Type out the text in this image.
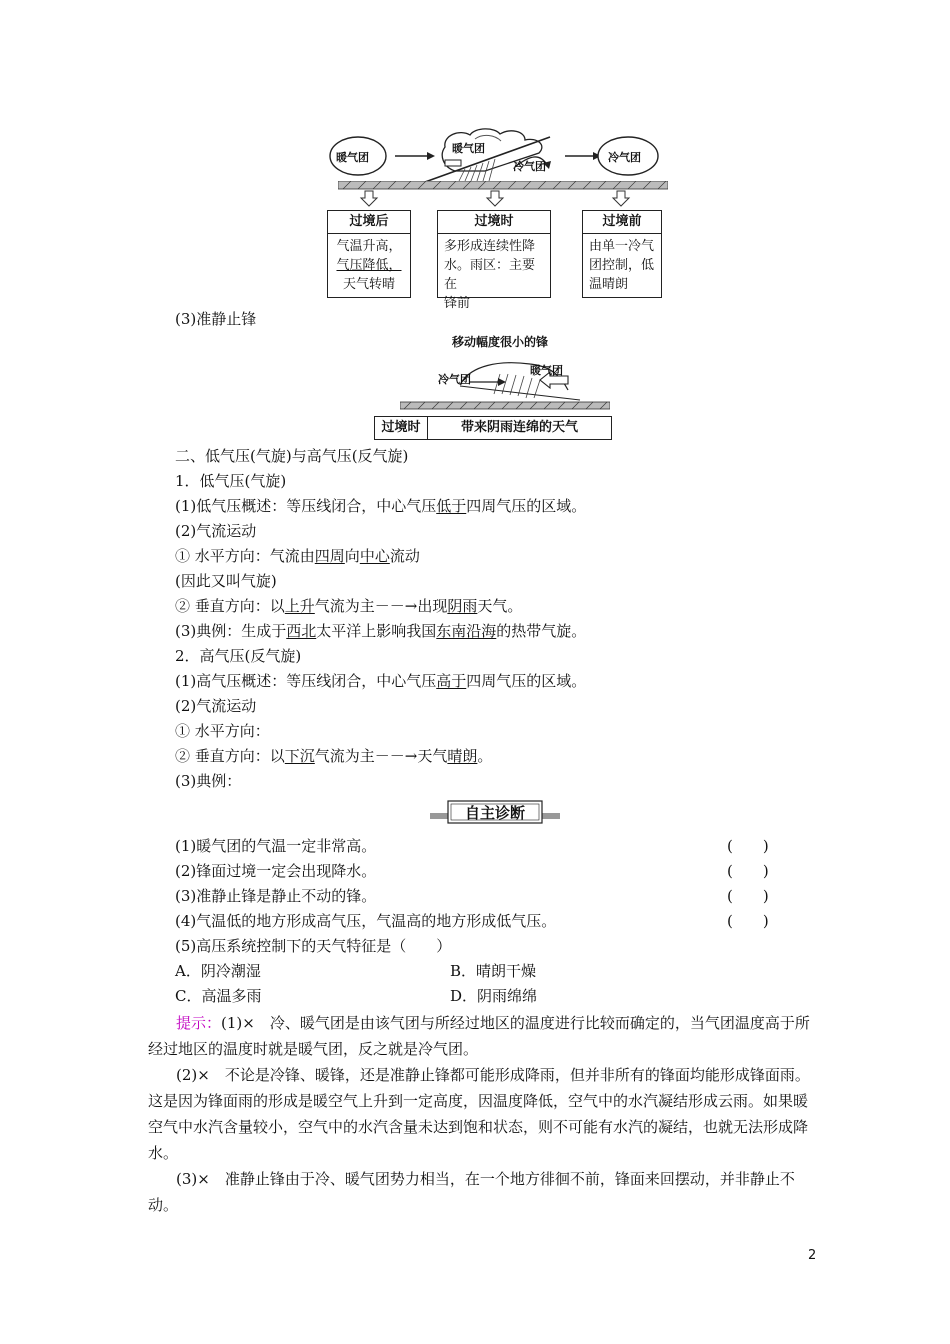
暖气团
暖气团
冷气团
冷气团
过境后
气温升高，
气压降低，
天气转晴
过境时
多形成连续性降
水。雨区：主要在
锋前
过境前
由单一冷气
团控制，低
温晴朗
(3)准静止锋
移动幅度很小的锋
冷气团
暖气团
过境时	带来阴雨连绵的天气
二、低气压(气旋)与高气压(反气旋)
1．低气压(气旋)
(1)低气压概述：等压线闭合，中心气压低于四周气压的区域。
(2)气流运动
① 水平方向：气流由四周向中心流动
(因此又叫气旋)
② 垂直方向：以上升气流为主－－→出现阴雨天气。
(3)典例：生成于西北太平洋上影响我国东南沿海的热带气旋。
2．高气压(反气旋)
(1)高气压概述：等压线闭合，中心气压高于四周气压的区域。
(2)气流运动
① 水平方向：
② 垂直方向：以下沉气流为主－－→天气晴朗。
(3)典例：
自主诊断
(1)暖气团的气温一定非常高。	(　　)
(2)锋面过境一定会出现降水。	(　　)
(3)准静止锋是静止不动的锋。	(　　)
(4)气温低的地方形成高气压，气温高的地方形成低气压。	(　　)
(5)高压系统控制下的天气特征是（　　）
A．阴冷潮湿	B．晴朗干燥
C．高温多雨	D．阴雨绵绵
提示：(1)×　冷、暖气团是由该气团与所经过地区的温度进行比较而确定的，当气团温度高于所经过地区的温度时就是暖气团，反之就是冷气团。
(2)×　不论是冷锋、暖锋，还是准静止锋都可能形成降雨，但并非所有的锋面均能形成锋面雨。这是因为锋面雨的形成是暖空气上升到一定高度，因温度降低，空气中的水汽凝结形成云雨。如果暖空气中水汽含量较小，空气中的水汽含量未达到饱和状态，则不可能有水汽的凝结，也就无法形成降水。
(3)×　准静止锋由于冷、暖气团势力相当，在一个地方徘徊不前，锋面来回摆动，并非静止不动。
2
